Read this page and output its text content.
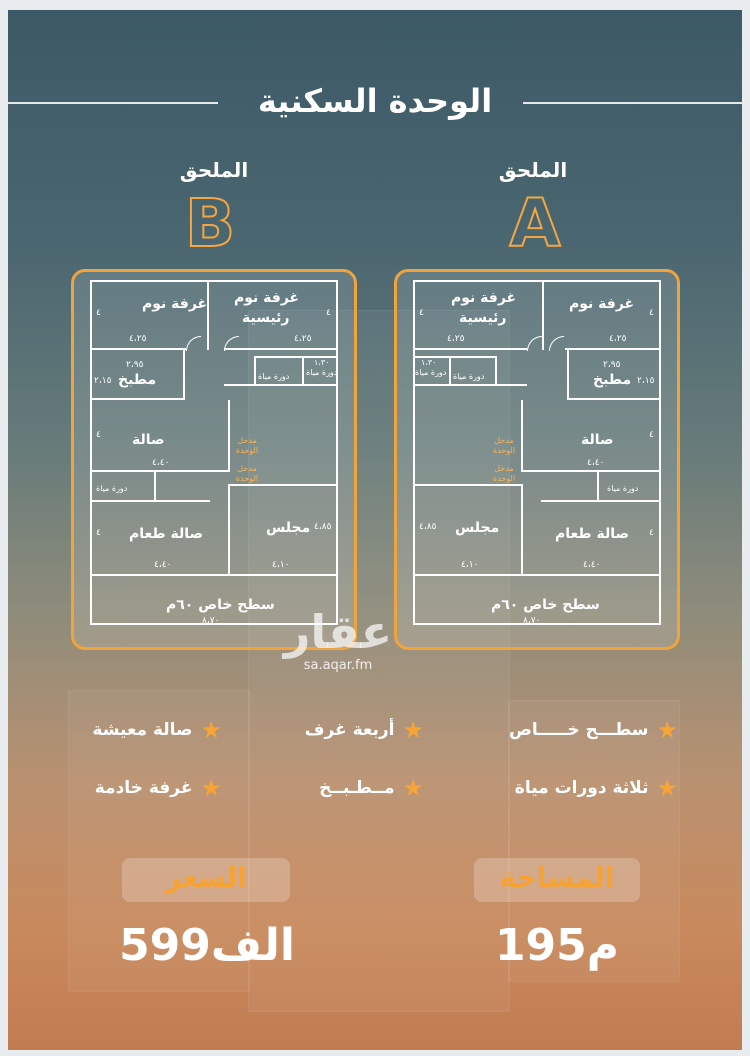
الوحدة السكنية
الملحق
A
الملحق
B
غرفة نوم غرفة نوم
رئيسية
٤،٢٥	٤،٢٥
٤	٤
مطبخ
٢،٩٥
٢،١٥	دورة مياة دورة مياة
١،٣٠
صالة
٤،٤٠
٤
مدخل الوحدة
مدخل الوحدة
دورة مياة
صالة طعام
٤،٤٠
٤	مجلس
٤،١٠
٤،٨٥
سطح خاص ٦٠م
٨،٧٠
غرفة نوم
رئيسية
غرفة نوم
٤،٢٥	٤،٢٥
٤	٤
دورة مياة دورة مياة
١،٣٠
مطبخ
٢،٩٥
٢،١٥
صالة
٤،٤٠
٤
مدخل الوحدة
مدخل الوحدة
دورة مياة
مجلس
٤،١٠
٤،٨٥	صالة طعام
٤،٤٠
٤
سطح خاص ٦٠م
٨،٧٠
عقار
sa.aqar.fm
★
سطـــح خـــــاص
★
أربعة غرف
★
صالة معيشة
★
ثلاثة دورات مياة
★
مــطـبــخ
★
غرفة خادمة
المساحة
195م
السعر
599الف
